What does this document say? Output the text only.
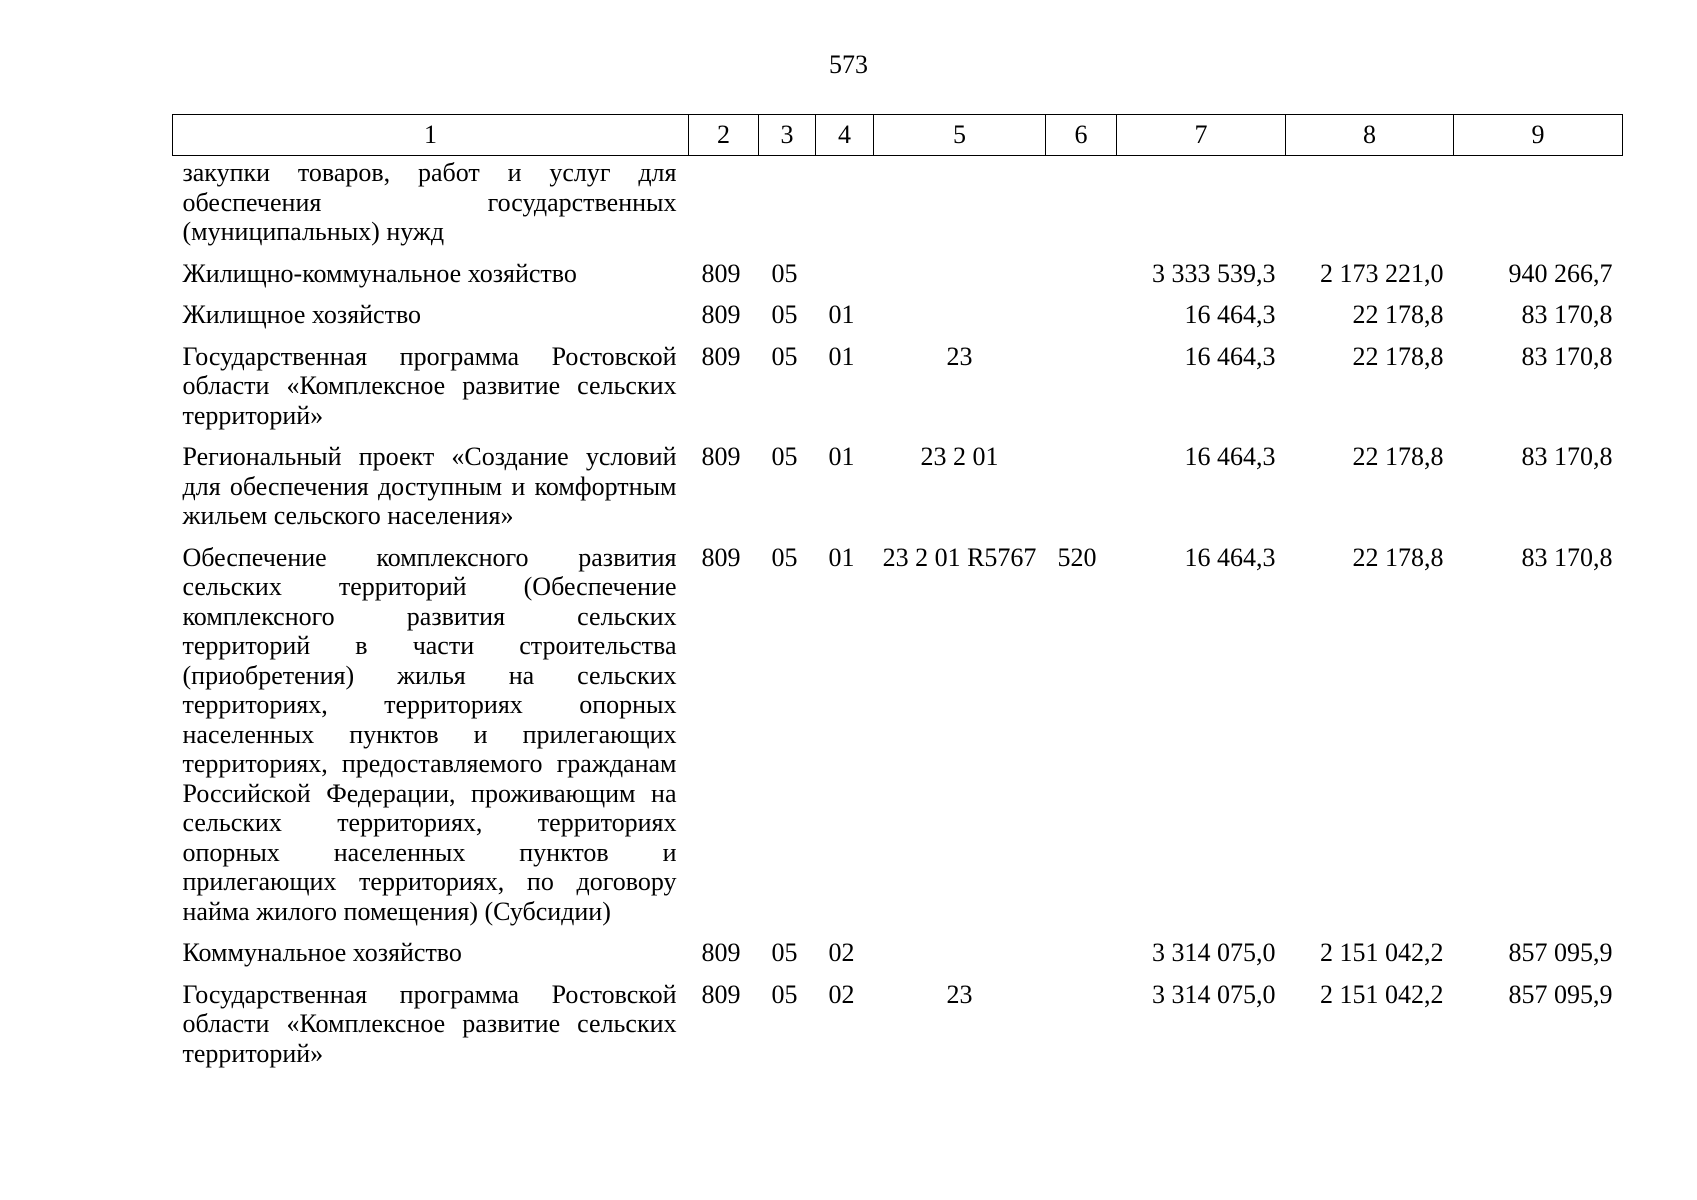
573
1	2	3	4	5	6	7	8	9
закупки товаров, работ и услуг для обеспечения государственных (муниципальных) нужд								
Жилищно-коммунальное хозяйство	809	05				3 333 539,3	2 173 221,0	940 266,7
Жилищное хозяйство	809	05	01			16 464,3	22 178,8	83 170,8
Государственная программа Ростовской области «Комплексное развитие сельских территорий»	809	05	01	23		16 464,3	22 178,8	83 170,8
Региональный проект «Создание условий для обеспечения доступным и комфортным жильем сельского населения»	809	05	01	23 2 01		16 464,3	22 178,8	83 170,8
Обеспечение комплексного развития сельских территорий (Обеспечение комплексного развития сельских территорий в части строительства (приобретения) жилья на сельских территориях, территориях опорных населенных пунктов и прилегающих территориях, предоставляемого гражданам Российской Федерации, проживающим на сельских территориях, территориях опорных населенных пунктов и прилегающих территориях, по договору найма жилого помещения) (Субсидии)	809	05	01	23 2 01 R5767	520	16 464,3	22 178,8	83 170,8
Коммунальное хозяйство	809	05	02			3 314 075,0	2 151 042,2	857 095,9
Государственная программа Ростовской области «Комплексное развитие сельских территорий»	809	05	02	23		3 314 075,0	2 151 042,2	857 095,9
